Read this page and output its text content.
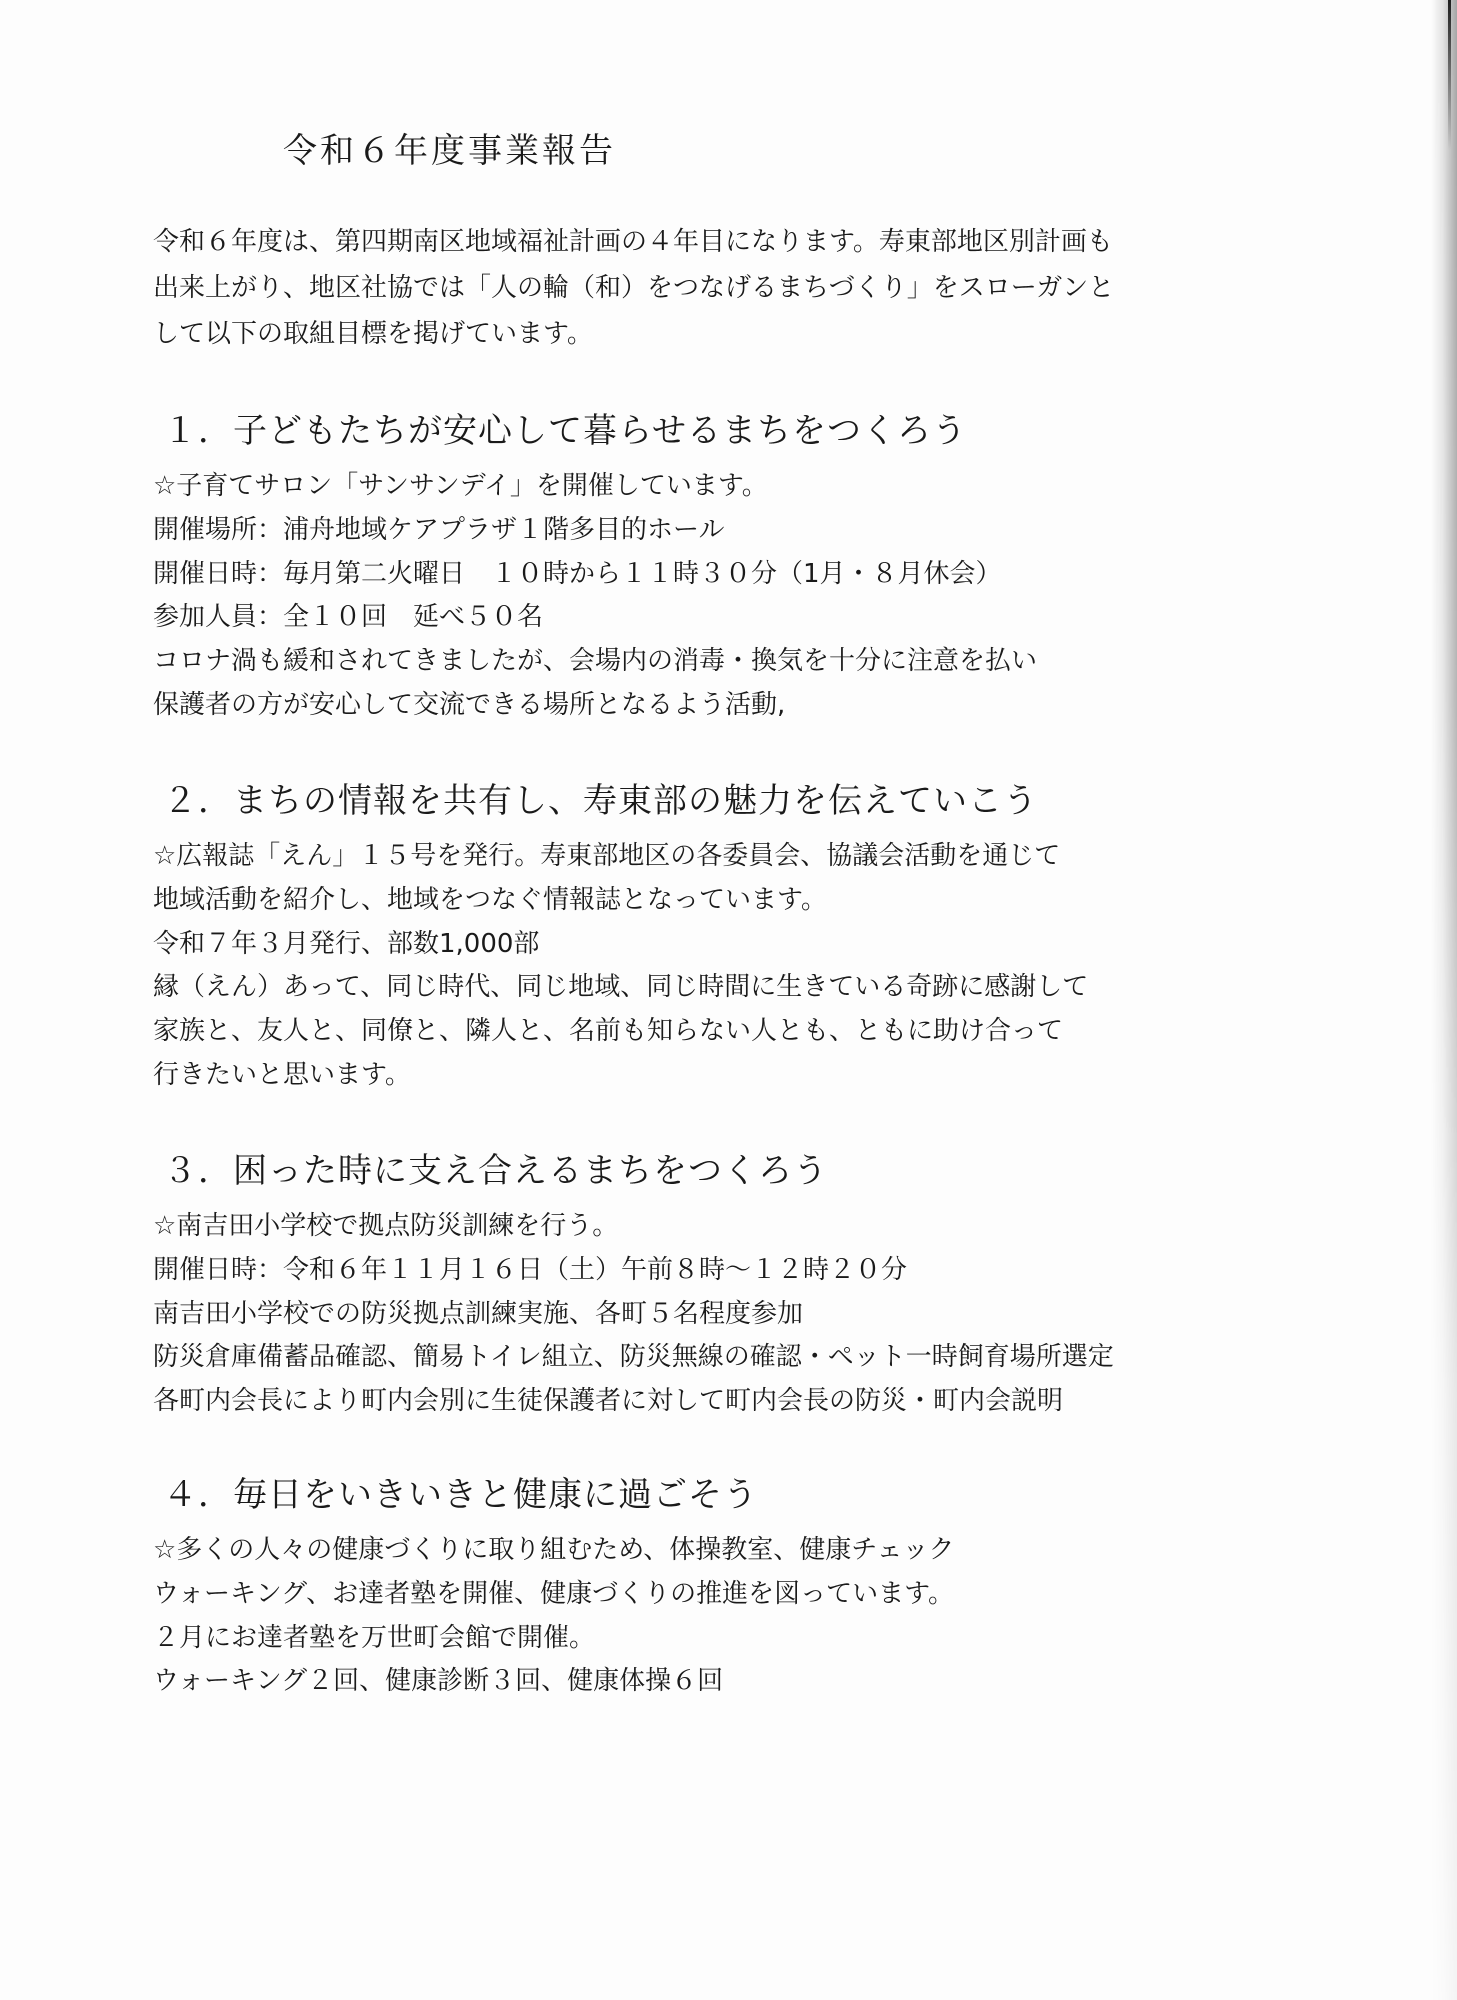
令和６年度事業報告
令和６年度は、第四期南区地域福祉計画の４年目になります。寿東部地区別計画も
出来上がり、地区社協では「人の輪（和）をつなげるまちづくり」をスローガンと
して以下の取組目標を掲げています。
１．子どもたちが安心して暮らせるまちをつくろう
☆子育てサロン「サンサンデイ」を開催しています。
開催場所：浦舟地域ケアプラザ１階多目的ホール
開催日時：毎月第二火曜日　１０時から１１時３０分（1月・８月休会）
参加人員：全１０回　延べ５０名
コロナ渦も緩和されてきましたが、会場内の消毒・換気を十分に注意を払い
保護者の方が安心して交流できる場所となるよう活動,
２．まちの情報を共有し、寿東部の魅力を伝えていこう
☆広報誌「えん」１５号を発行。寿東部地区の各委員会、協議会活動を通じて
地域活動を紹介し、地域をつなぐ情報誌となっています。
令和７年３月発行、部数1,000部
縁（えん）あって、同じ時代、同じ地域、同じ時間に生きている奇跡に感謝して
家族と、友人と、同僚と、隣人と、名前も知らない人とも、ともに助け合って
行きたいと思います。
３．困った時に支え合えるまちをつくろう
☆南吉田小学校で拠点防災訓練を行う。
開催日時：令和６年１１月１６日（土）午前８時～１２時２０分
南吉田小学校での防災拠点訓練実施、各町５名程度参加
防災倉庫備蓄品確認、簡易トイレ組立、防災無線の確認・ペット一時飼育場所選定
各町内会長により町内会別に生徒保護者に対して町内会長の防災・町内会説明
４．毎日をいきいきと健康に過ごそう
☆多くの人々の健康づくりに取り組むため、体操教室、健康チェック
ウォーキング、お達者塾を開催、健康づくりの推進を図っています。
２月にお達者塾を万世町会館で開催。
ウォーキング２回、健康診断３回、健康体操６回
